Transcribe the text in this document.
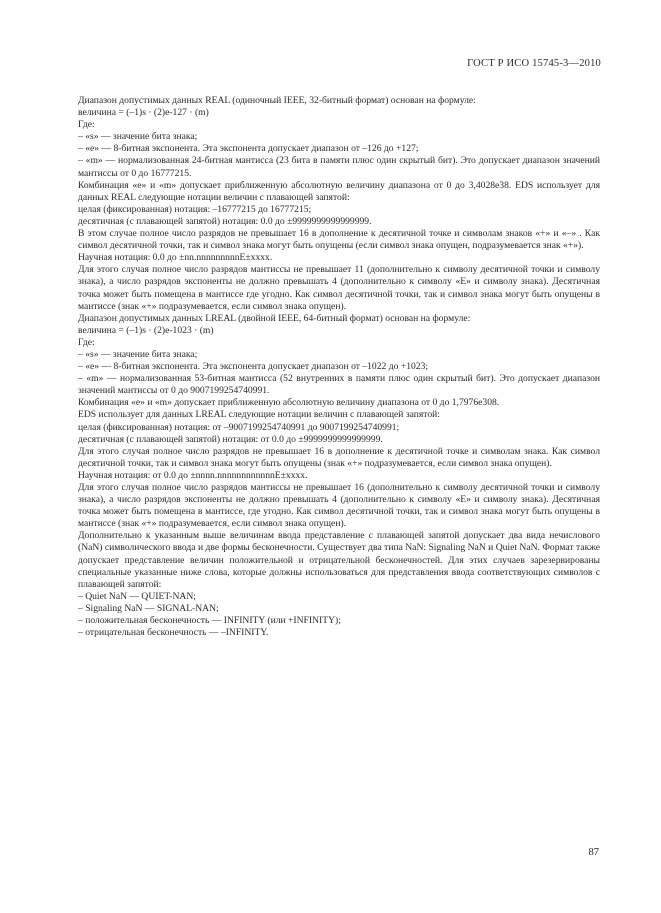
ГОСТ Р ИСО 15745-3—2010

Диапазон допустимых данных REAL (одиночный IEEE, 32-битный формат) основан на формуле:

величина = (–1)s · (2)e-127 · (m)

Где:

– «s» — значение бита знака;

– «e» — 8-битная экспонента. Эта экспонента допускает диапазон от –126 до +127;

– «m» — нормализованная 24-битная мантисса (23 бита в памяти плюс один скрытый бит). Это допускает диапазон значений мантиссы от 0 до 16777215.

Комбинация «e» и «m» допускает приближенную абсолютную величину диапазона от 0 до 3,4028e38. EDS использует для данных REAL следующие нотации величин с плавающей запятой:

целая (фиксированная) нотация: –16777215 до 16777215;

десятичная (с плавающей запятой) нотация: 0.0 до ±9999999999999999.

В этом случае полное число разрядов не превышает 16 в дополнение к десятичной точке и символам знаков «+» и «–» . Как символ десятичной точки, так и символ знака могут быть опущены (если символ знака опущен, подразумевается знак «+»).

Научная нотация: 0.0 до ±nn.nnnnnnnnnE±xxxx.

Для этого случая полное число разрядов мантиссы не превышает 11 (дополнительно к символу десятичной точки и символу знака), а число разрядов экспоненты не должно превышать 4 (дополнительно к символу «E» и символу знака). Десятичная точка может быть помещена в мантиссе где угодно. Как символ десятичной точки, так и символ знака могут быть опущены в мантиссе (знак «+» подразумевается, если символ знака опущен).

Диапазон допустимых данных LREAL (двойной IEEE, 64-битный формат) основан на формуле:

величина = (–1)s · (2)e-1023 · (m)

Где:

– «s» — значение бита знака;

– «e» — 8-битная экспонента. Эта экспонента допускает диапазон от –1022 до +1023;

– «m» — нормализованная 53-битная мантисса (52 внутренних в памяти плюс один скрытый бит). Это допускает диапазон значений мантиссы от 0 до 9007199254740991.

Комбинация «e» и «m» допускает приближенную абсолютную величину диапазона от 0 до 1,7976e308.

EDS использует для данных LREAL следующие нотации величин с плавающей запятой:

целая (фиксированная) нотация: от –9007199254740991 до 9007199254740991;

десятичная (с плавающей запятой) нотация: от 0.0 до ±9999999999999999.

Для этого случая полное число разрядов не превышает 16 в дополнение к десятичной точке и символам знака. Как символ десятичной точки, так и символ знака могут быть опущены (знак «+» подразумевается, если символ знака опущен).

Научная нотация: от 0.0 до ±nnnn.nnnnnnnnnnnnE±xxxx.

Для этого случая полное число разрядов мантиссы не превышает 16 (дополнительно к символу десятичной точки и символу знака), а число разрядов экспоненты не должно превышать 4 (дополнительно к символу «E» и символу знака). Десятичная точка может быть помещена в мантиссе, где угодно. Как символ десятичной точки, так и символ знака могут быть опущены в мантиссе (знак «+» подразумевается, если символ знака опущен).

Дополнительно к указанным выше величинам ввода представление с плавающей запятой допускает два вида нечислового (NaN) символического ввода и две формы бесконечности. Существует два типа NaN: Signaling NaN и Quiet NaN. Формат также допускает представление величин положительной и отрицательной бесконечностей. Для этих случаев зарезервированы специальные указанные ниже слова, которые должны использоваться для представления ввода соответствующих символов с плавающей запятой:

– Quiet NaN — QUIET-NAN;

– Signaling NaN — SIGNAL-NAN;

– положительная бесконечность — INFINITY (или +INFINITY);

– отрицательная бесконечность — –INFINITY.

87
